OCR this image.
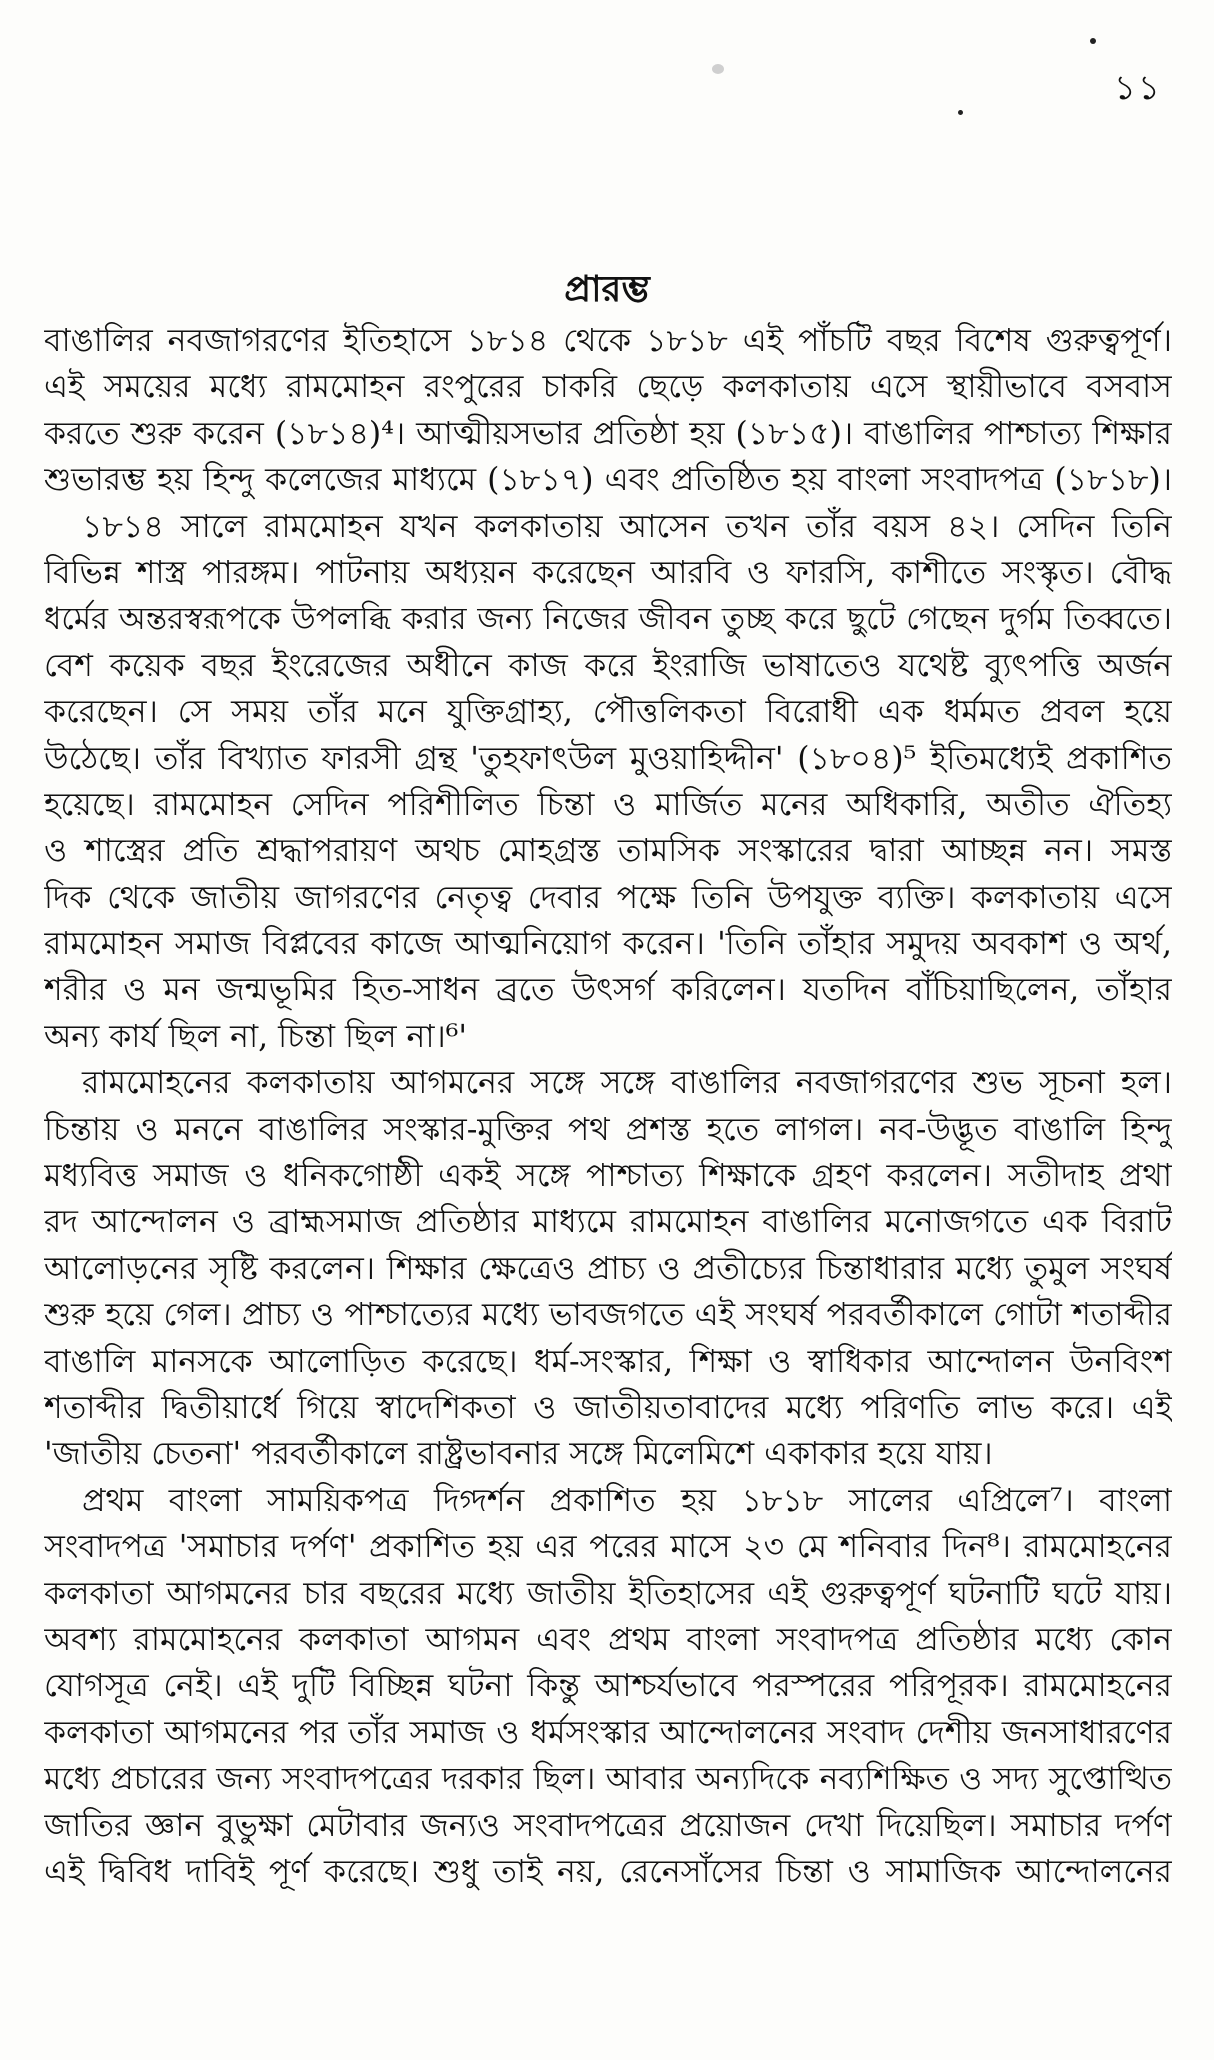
১১
প্রারম্ভ
বাঙালির নবজাগরণের ইতিহাসে ১৮১৪ থেকে ১৮১৮ এই পাঁচটি বছর বিশেষ গুরুত্বপূর্ণ।
এই সময়ের মধ্যে রামমোহন রংপুরের চাকরি ছেড়ে কলকাতায় এসে স্থায়ীভাবে বসবাস
করতে শুরু করেন (১৮১৪)⁴। আত্মীয়সভার প্রতিষ্ঠা হয় (১৮১৫)। বাঙালির পাশ্চাত্য শিক্ষার
শুভারম্ভ হয় হিন্দু কলেজের মাধ্যমে (১৮১৭) এবং প্রতিষ্ঠিত হয় বাংলা সংবাদপত্র (১৮১৮)।
১৮১৪ সালে রামমোহন যখন কলকাতায় আসেন তখন তাঁর বয়স ৪২। সেদিন তিনি
বিভিন্ন শাস্ত্র পারঙ্গম। পাটনায় অধ্যয়ন করেছেন আরবি ও ফারসি, কাশীতে সংস্কৃত। বৌদ্ধ
ধর্মের অন্তরস্বরূপকে উপলব্ধি করার জন্য নিজের জীবন তুচ্ছ করে ছুটে গেছেন দুর্গম তিব্বতে।
বেশ কয়েক বছর ইংরেজের অধীনে কাজ করে ইংরাজি ভাষাতেও যথেষ্ট ব্যুৎপত্তি অর্জন
করেছেন। সে সময় তাঁর মনে যুক্তিগ্রাহ্য, পৌত্তলিকতা বিরোধী এক ধর্মমত প্রবল হয়ে
উঠেছে। তাঁর বিখ্যাত ফারসী গ্রন্থ 'তুহফাৎউল মুওয়াহিদ্দীন' (১৮০৪)⁵ ইতিমধ্যেই প্রকাশিত
হয়েছে। রামমোহন সেদিন পরিশীলিত চিন্তা ও মার্জিত মনের অধিকারি, অতীত ঐতিহ্য
ও শাস্ত্রের প্রতি শ্রদ্ধাপরায়ণ অথচ মোহগ্রস্ত তামসিক সংস্কারের দ্বারা আচ্ছন্ন নন। সমস্ত
দিক থেকে জাতীয় জাগরণের নেতৃত্ব দেবার পক্ষে তিনি উপযুক্ত ব্যক্তি। কলকাতায় এসে
রামমোহন সমাজ বিপ্লবের কাজে আত্মনিয়োগ করেন। 'তিনি তাঁহার সমুদয় অবকাশ ও অর্থ,
শরীর ও মন জন্মভূমির হিত-সাধন ব্রতে উৎসর্গ করিলেন। যতদিন বাঁচিয়াছিলেন, তাঁহার
অন্য কার্য ছিল না, চিন্তা ছিল না।⁶'
রামমোহনের কলকাতায় আগমনের সঙ্গে সঙ্গে বাঙালির নবজাগরণের শুভ সূচনা হল।
চিন্তায় ও মননে বাঙালির সংস্কার-মুক্তির পথ প্রশস্ত হতে লাগল। নব-উদ্ভূত বাঙালি হিন্দু
মধ্যবিত্ত সমাজ ও ধনিকগোষ্ঠী একই সঙ্গে পাশ্চাত্য শিক্ষাকে গ্রহণ করলেন। সতীদাহ প্রথা
রদ আন্দোলন ও ব্রাহ্মসমাজ প্রতিষ্ঠার মাধ্যমে রামমোহন বাঙালির মনোজগতে এক বিরাট
আলোড়নের সৃষ্টি করলেন। শিক্ষার ক্ষেত্রেও প্রাচ্য ও প্রতীচ্যের চিন্তাধারার মধ্যে তুমুল সংঘর্ষ
শুরু হয়ে গেল। প্রাচ্য ও পাশ্চাত্যের মধ্যে ভাবজগতে এই সংঘর্ষ পরবর্তীকালে গোটা শতাব্দীর
বাঙালি মানসকে আলোড়িত করেছে। ধর্ম-সংস্কার, শিক্ষা ও স্বাধিকার আন্দোলন উনবিংশ
শতাব্দীর দ্বিতীয়ার্ধে গিয়ে স্বাদেশিকতা ও জাতীয়তাবাদের মধ্যে পরিণতি লাভ করে। এই
'জাতীয় চেতনা' পরবর্তীকালে রাষ্ট্রভাবনার সঙ্গে মিলেমিশে একাকার হয়ে যায়।
প্রথম বাংলা সাময়িকপত্র দিগ্দর্শন প্রকাশিত হয় ১৮১৮ সালের এপ্রিলে⁷। বাংলা
সংবাদপত্র 'সমাচার দর্পণ' প্রকাশিত হয় এর পরের মাসে ২৩ মে শনিবার দিন⁸। রামমোহনের
কলকাতা আগমনের চার বছরের মধ্যে জাতীয় ইতিহাসের এই গুরুত্বপূর্ণ ঘটনাটি ঘটে যায়।
অবশ্য রামমোহনের কলকাতা আগমন এবং প্রথম বাংলা সংবাদপত্র প্রতিষ্ঠার মধ্যে কোন
যোগসূত্র নেই। এই দুটি বিচ্ছিন্ন ঘটনা কিন্তু আশ্চর্যভাবে পরস্পরের পরিপূরক। রামমোহনের
কলকাতা আগমনের পর তাঁর সমাজ ও ধর্মসংস্কার আন্দোলনের সংবাদ দেশীয় জনসাধারণের
মধ্যে প্রচারের জন্য সংবাদপত্রের দরকার ছিল। আবার অন্যদিকে নব্যশিক্ষিত ও সদ্য সুপ্তোত্থিত
জাতির জ্ঞান বুভুক্ষা মেটাবার জন্যও সংবাদপত্রের প্রয়োজন দেখা দিয়েছিল। সমাচার দর্পণ
এই দ্বিবিধ দাবিই পূর্ণ করেছে। শুধু তাই নয়, রেনেসাঁসের চিন্তা ও সামাজিক আন্দোলনের
